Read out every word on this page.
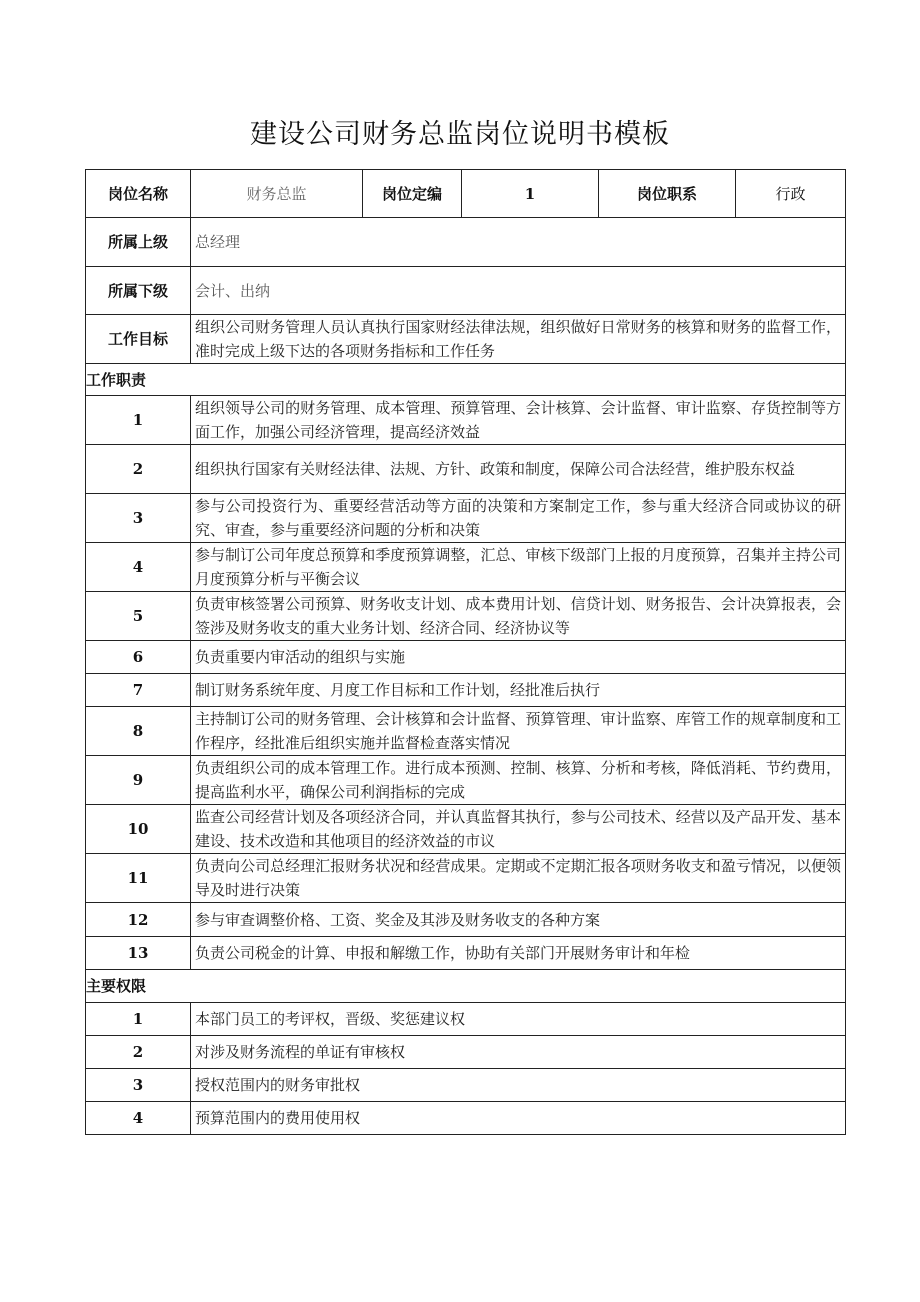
建设公司财务总监岗位说明书模板
岗位名称	财务总监	岗位定编	1	岗位职系	行政
所属上级	总经理				
所属下级	会计、出纳				
工作目标	组织公司财务管理人员认真执行国家财经法律法规，组织做好日常财务的核算和财务的监督工作，准时完成上级下达的各项财务指标和工作任务				
工作职责					
1	组织领导公司的财务管理、成本管理、预算管理、会计核算、会计监督、审计监察、存货控制等方面工作，加强公司经济管理，提高经济效益				
2	组织执行国家有关财经法律、法规、方针、政策和制度，保障公司合法经营，维护股东权益				
3	参与公司投资行为、重要经营活动等方面的决策和方案制定工作，参与重大经济合同或协议的研究、审查，参与重要经济问题的分析和决策				
4	参与制订公司年度总预算和季度预算调整，汇总、审核下级部门上报的月度预算，召集并主持公司月度预算分析与平衡会议				
5	负责审核签署公司预算、财务收支计划、成本费用计划、信贷计划、财务报告、会计决算报表，会签涉及财务收支的重大业务计划、经济合同、经济协议等				
6	负责重要内审活动的组织与实施				
7	制订财务系统年度、月度工作目标和工作计划，经批准后执行				
8	主持制订公司的财务管理、会计核算和会计监督、预算管理、审计监察、库管工作的规章制度和工作程序，经批准后组织实施并监督检查落实情况				
9	负责组织公司的成本管理工作。进行成本预测、控制、核算、分析和考核，降低消耗、节约费用，提高监利水平，确保公司利润指标的完成				
10	监查公司经营计划及各项经济合同，并认真监督其执行，参与公司技术、经营以及产品开发、基本建设、技术改造和其他项目的经济效益的市议				
11	负责向公司总经理汇报财务状况和经营成果。定期或不定期汇报各项财务收支和盈亏情况，以便领导及时进行决策				
12	参与审查调整价格、工资、奖金及其涉及财务收支的各种方案				
13	负责公司税金的计算、申报和解缴工作，协助有关部门开展财务审计和年检				
主要权限					
1	本部门员工的考评权，晋级、奖惩建议权				
2	对涉及财务流程的单证有审核权				
3	授权范围内的财务审批权				
4	预算范围内的费用使用权				
